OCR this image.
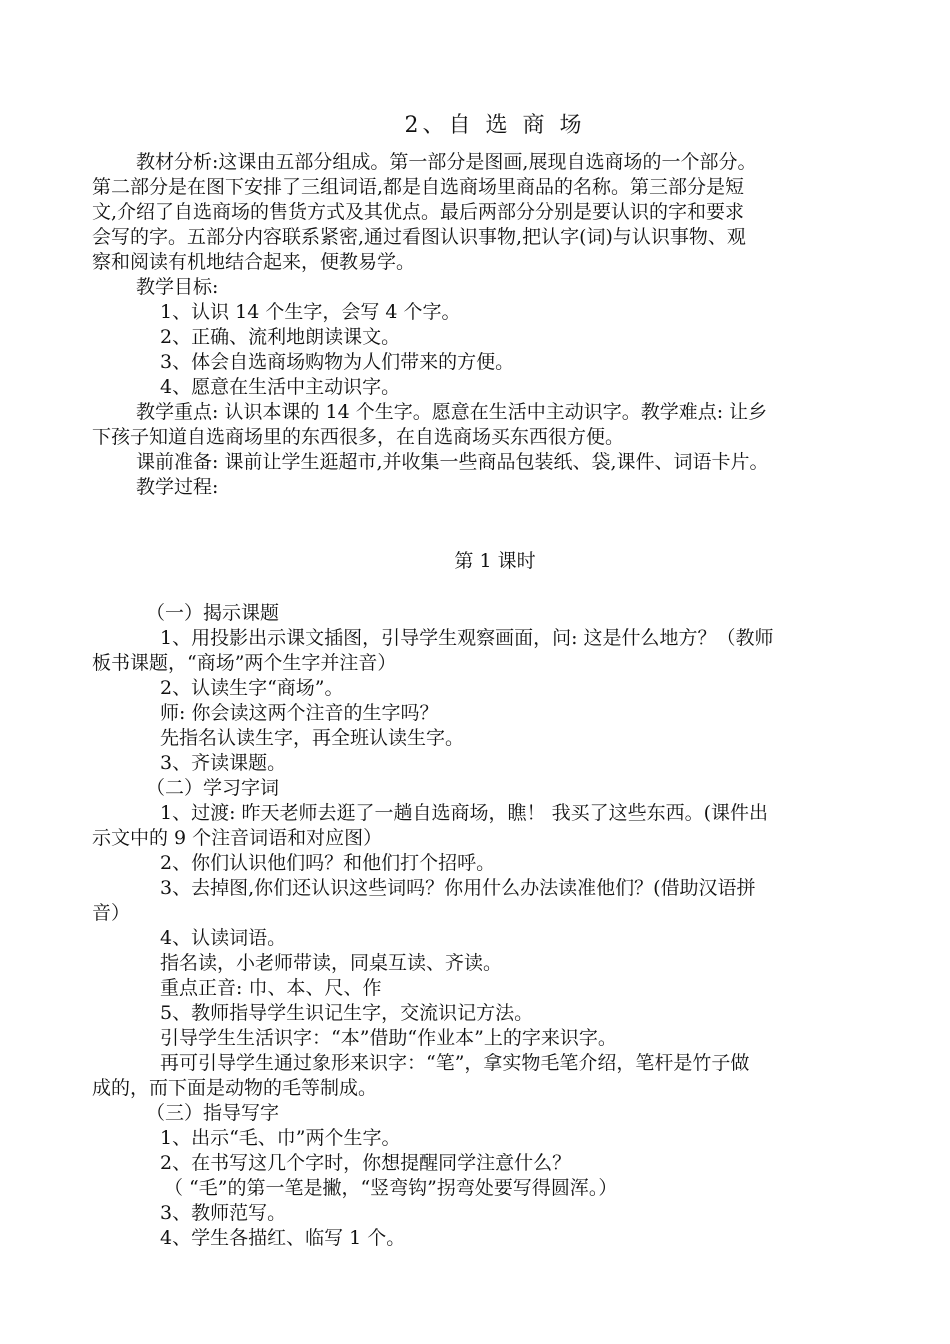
2、自 选 商 场
教材分析:这课由五部分组成。第一部分是图画,展现自选商场的一个部分。
第二部分是在图下安排了三组词语,都是自选商场里商品的名称。第三部分是短
文,介绍了自选商场的售货方式及其优点。最后两部分分别是要认识的字和要求
会写的字。五部分内容联系紧密,通过看图认识事物,把认字(词)与认识事物、观
察和阅读有机地结合起来，便教易学。
教学目标:
1、认识 14 个生字，会写 4 个字。
2、正确、流利地朗读课文。
3、体会自选商场购物为人们带来的方便。
4、愿意在生活中主动识字。
教学重点: 认识本课的 14 个生字。愿意在生活中主动识字。教学难点: 让乡
下孩子知道自选商场里的东西很多，在自选商场买东西很方便。
课前准备: 课前让学生逛超市,并收集一些商品包装纸、袋,课件、词语卡片。
教学过程:
第 1 课时
（一）揭示课题
1、用投影出示课文插图，引导学生观察画面，问: 这是什么地方？（教师
板书课题，“商场”两个生字并注音）
2、认读生字“商场”。
师: 你会读这两个注音的生字吗？
先指名认读生字，再全班认读生字。
3、齐读课题。
（二）学习字词
1、过渡: 昨天老师去逛了一趟自选商场，瞧！ 我买了这些东西。(课件出
示文中的 9 个注音词语和对应图）
2、你们认识他们吗？和他们打个招呼。
3、去掉图,你们还认识这些词吗？你用什么办法读准他们？(借助汉语拼
音）
4、认读词语。
指名读，小老师带读，同桌互读、齐读。
重点正音: 巾、本、尺、作
5、教师指导学生识记生字，交流识记方法。
引导学生生活识字：“本”借助“作业本”上的字来识字。
再可引导学生通过象形来识字：“笔”，拿实物毛笔介绍，笔杆是竹子做
成的，而下面是动物的毛等制成。
（三）指导写字
1、出示“毛、巾”两个生字。
2、在书写这几个字时，你想提醒同学注意什么？
（ “毛”的第一笔是撇，“竖弯钩”拐弯处要写得圆浑。）
3、教师范写。
4、学生各描红、临写 1 个。
